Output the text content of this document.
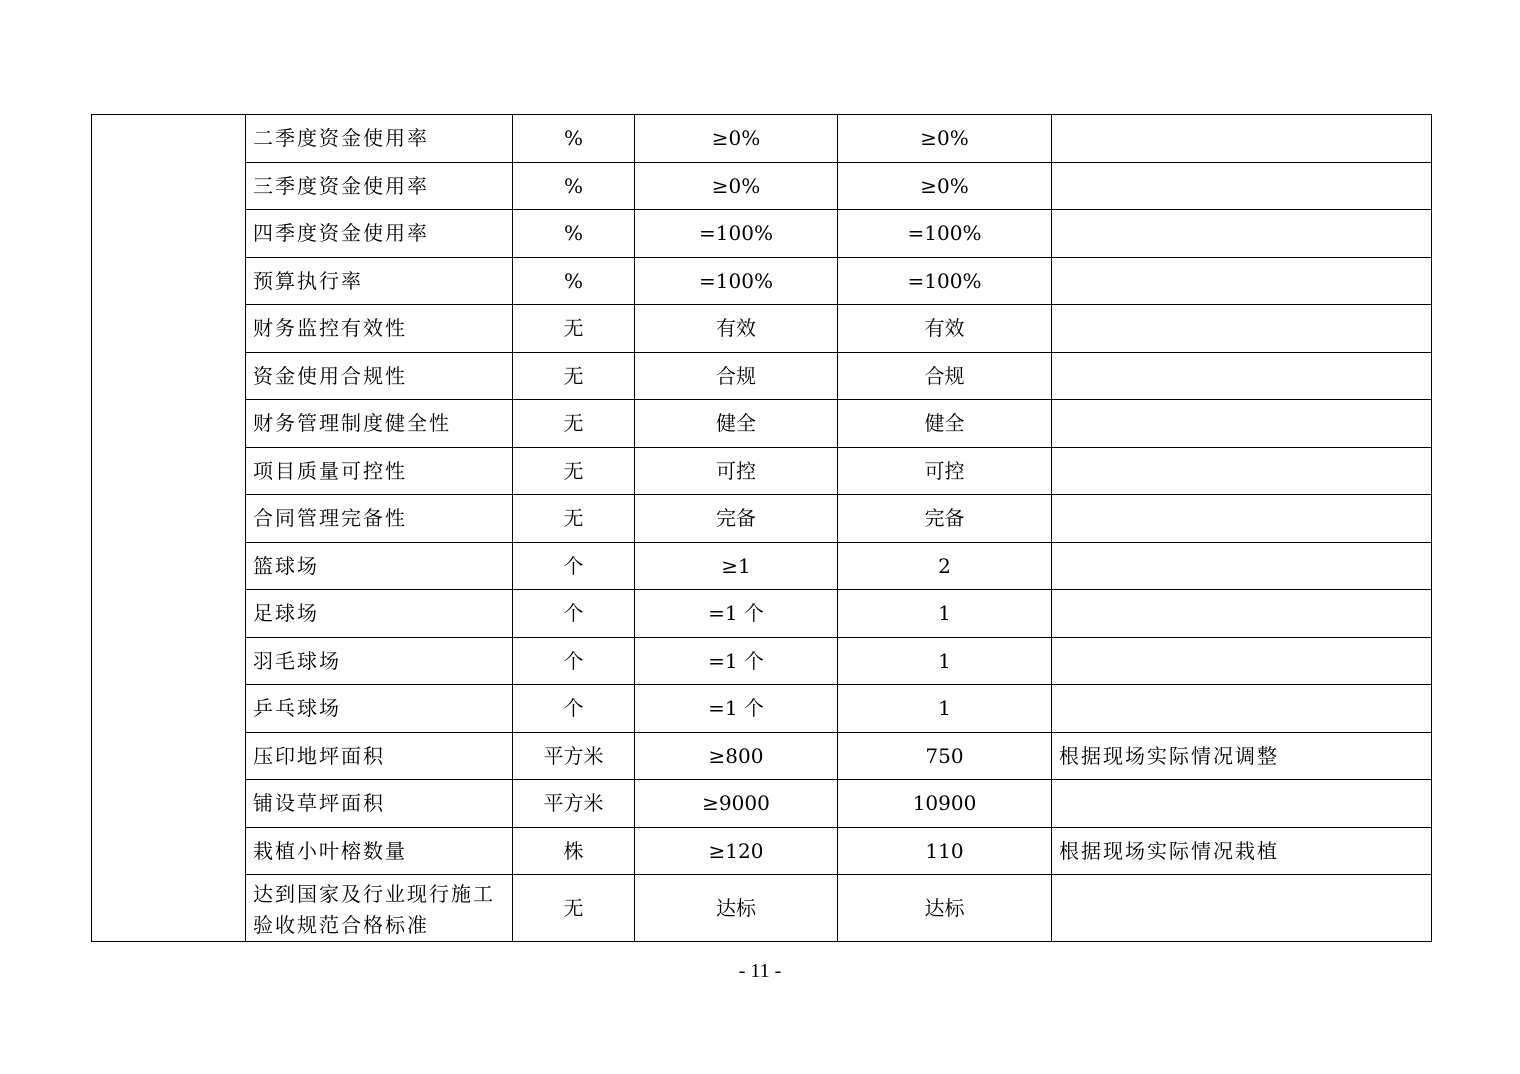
	二季度资金使用率	%	≥0%	≥0%	
	三季度资金使用率	%	≥0%	≥0%	
	四季度资金使用率	%	=100%	=100%	
	预算执行率	%	=100%	=100%	
	财务监控有效性	无	有效	有效	
	资金使用合规性	无	合规	合规	
	财务管理制度健全性	无	健全	健全	
	项目质量可控性	无	可控	可控	
	合同管理完备性	无	完备	完备	
	篮球场	个	≥1	2	
	足球场	个	=1 个	1	
	羽毛球场	个	=1 个	1	
	乒乓球场	个	=1 个	1	
	压印地坪面积	平方米	≥800	750	根据现场实际情况调整
	铺设草坪面积	平方米	≥9000	10900	
	栽植小叶榕数量	株	≥120	110	根据现场实际情况栽植
	达到国家及行业现行施工验收规范合格标准	无	达标	达标	
- 11 -
